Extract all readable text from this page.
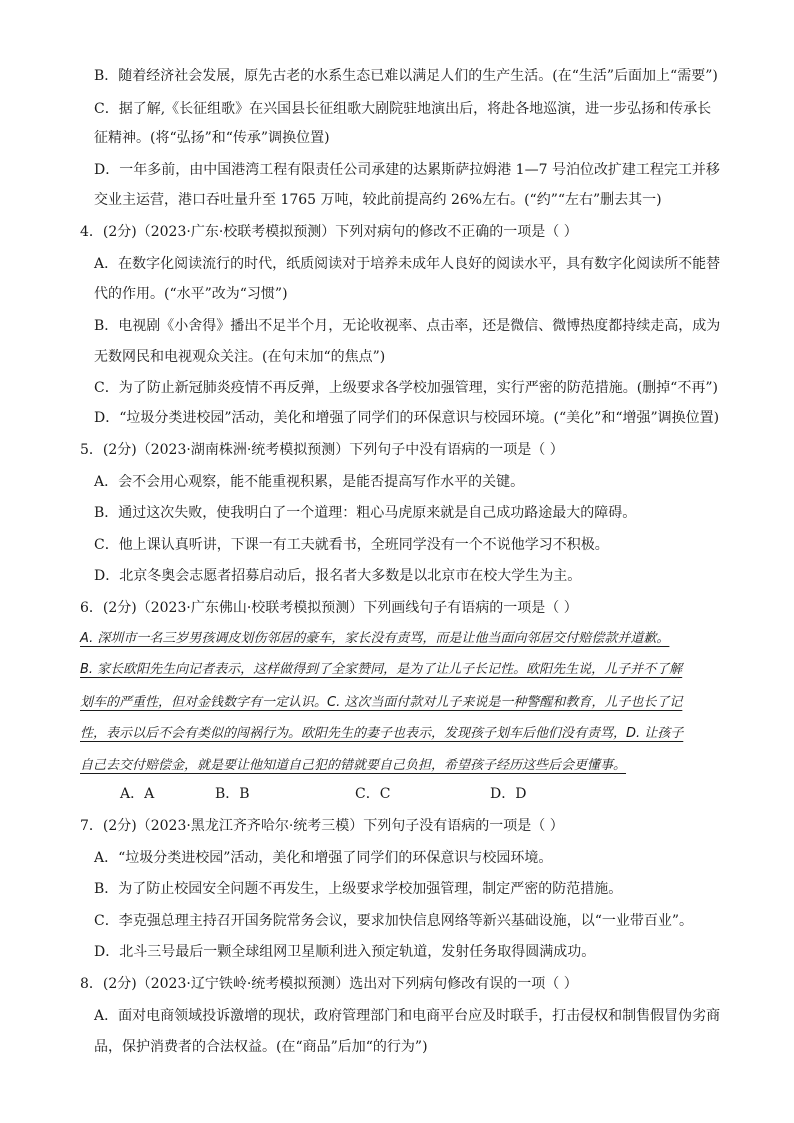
B．随着经济社会发展，原先古老的水系生态已难以满足人们的生产生活。(在“生活”后面加上“需要”)
C．据了解,《长征组歌》在兴国县长征组歌大剧院驻地演出后，将赴各地巡演，进一步弘扬和传承长
征精神。(将“弘扬”和“传承”调换位置)
D．一年多前，由中国港湾工程有限责任公司承建的达累斯萨拉姆港 1—7 号泊位改扩建工程完工并移
交业主运营，港口吞吐量升至 1765 万吨，较此前提高约 26%左右。(“约”“左右”删去其一)
4．(2分)（2023·广东·校联考模拟预测）下列对病句的修改不正确的一项是（ ）
A．在数字化阅读流行的时代，纸质阅读对于培养未成年人良好的阅读水平，具有数字化阅读所不能替
代的作用。(“水平”改为“习惯”)
B．电视剧《小舍得》播出不足半个月，无论收视率、点击率，还是微信、微博热度都持续走高，成为
无数网民和电视观众关注。(在句末加“的焦点”)
C．为了防止新冠肺炎疫情不再反弹，上级要求各学校加强管理，实行严密的防范措施。(删掉“不再”)
D．“垃圾分类进校园”活动，美化和增强了同学们的环保意识与校园环境。(“美化”和“增强”调换位置)
5．(2分)（2023·湖南株洲·统考模拟预测）下列句子中没有语病的一项是（ ）
A．会不会用心观察，能不能重视积累，是能否提高写作水平的关键。
B．通过这次失败，使我明白了一个道理：粗心马虎原来就是自己成功路途最大的障碍。
C．他上课认真听讲，下课一有工夫就看书，全班同学没有一个不说他学习不积极。
D．北京冬奥会志愿者招募启动后，报名者大多数是以北京市在校大学生为主。
6．(2分)（2023·广东佛山·校联考模拟预测）下列画线句子有语病的一项是（ ）
A. 深圳市一名三岁男孩调皮划伤邻居的豪车，家长没有责骂，而是让他当面向邻居交付赔偿款并道歉。
B. 家长欧阳先生向记者表示，这样做得到了全家赞同，是为了让儿子长记性。欧阳先生说，儿子并不了解
划车的严重性，但对金钱数字有一定认识。C. 这次当面付款对儿子来说是一种警醒和教育，儿子也长了记
性，表示以后不会有类似的闯祸行为。欧阳先生的妻子也表示，发现孩子划车后他们没有责骂，D. 让孩子
自己去交付赔偿金，就是要让他知道自己犯的错就要自己负担，希望孩子经历这些后会更懂事。
7．(2分)（2023·黑龙江齐齐哈尔·统考三模）下列句子没有语病的一项是（ ）
A．“垃圾分类进校园”活动，美化和增强了同学们的环保意识与校园环境。
B．为了防止校园安全问题不再发生，上级要求学校加强管理，制定严密的防范措施。
C．李克强总理主持召开国务院常务会议，要求加快信息网络等新兴基础设施，以“一业带百业”。
D．北斗三号最后一颗全球组网卫星顺利进入预定轨道，发射任务取得圆满成功。
8．(2分)（2023·辽宁铁岭·统考模拟预测）选出对下列病句修改有误的一项（ ）
A．面对电商领域投诉激增的现状，政府管理部门和电商平台应及时联手，打击侵权和制售假冒伪劣商
品，保护消费者的合法权益。(在“商品”后加“的行为”)
A．A	B．B	C．C	D．D
